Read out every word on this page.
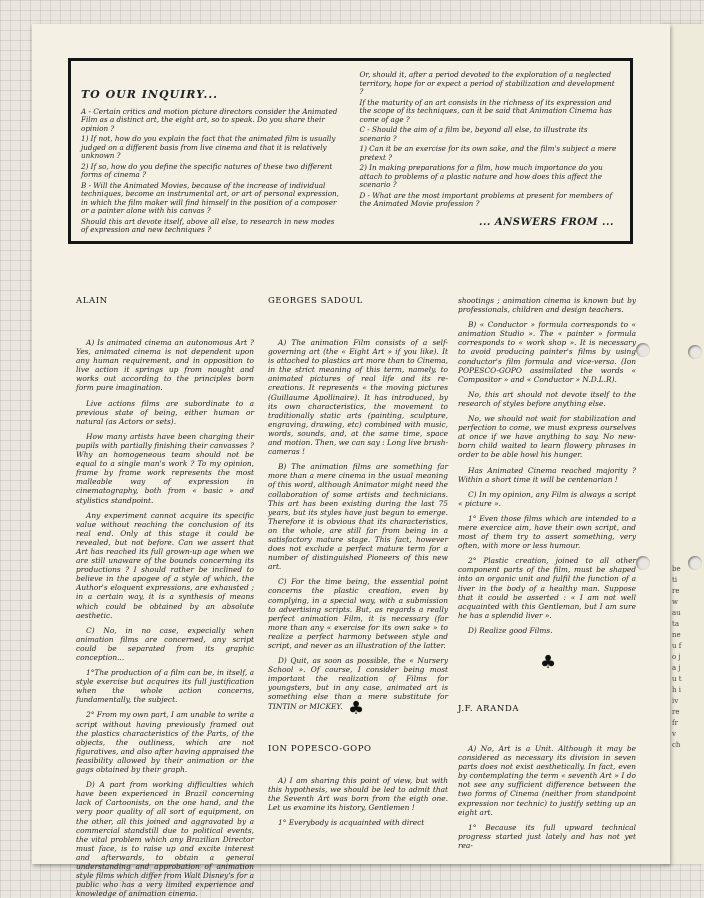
be ti re w au ta ne u fo ja ju th i iv re fr v ch
TO OUR INQUIRY...

A - Certain critics and motion picture directors consider the Animated Film as a distinct art, the eight art, so to speak. Do you share their opinion ?

1) If not, how do you explain the fact that the animated film is usually judged on a different basis from live cinema and that it is relatively unknown ?

2) If so, how do you define the specific natures of these two different forms of cinema ?

B - Will the Animated Movies, because of the increase of individual techniques, become an instrumental art, or art of personal expression, in which the film maker will find himself in the position of a composer or a painter alone with his canvas ?

Should this art devote itself, above all else, to research in new modes of expression and new techniques ?

Or, should it, after a period devoted to the exploration of a neglected territory, hope for or expect a period of stabilization and development ?

If the maturity of an art consists in the richness of its expression and the scope of its techniques, can it be said that Animation Cinema has come of age ?

C - Should the aim of a film be, beyond all else, to illustrate its scenario ?

1) Can it be an exercise for its own sake, and the film's subject a mere pretext ?

2) In making preparations for a film, how much importance do you attach to problems of a plastic nature and how does this affect the scenario ?

D - What are the most important problems at present for members of the Animated Movie profession ?

... ANSWERS FROM ...
ALAIN

A) Is animated cinema an autonomous Art ? Yes, animated cinema is not dependent upon any human requirement, and in opposition to live action it springs up from nought and works out according to the principles born form pure imagination.

Live actions films are subordinate to a previous state of being, either human or natural (as Actors or sets).

How many artists have been charging their pupils with partially finishing their canvasses ? Why an homogeneous team should not be equal to a single man's work ? To my opinion, frame by frame work represents the most malleable way of expression in cinematography, both from « basic » and stylistics standpoint.

Any experiment cannot acquire its specific value without reaching the conclusion of its real end. Only at this stage it could be revealed, but not before. Can we assert that Art has reached its full grown-up age when we are still unaware of the bounds concerning its productions ? I should rather be inclined to believe in the apogee of a style of which, the Author's eloquent expressions, are exhausted ; in a certain way, it is a synthesis of means which could be obtained by an absolute aesthetic.

C) No, in no case, expecially when animation films are concerned, any script could be separated from its graphic conception...

1°The production of a film can be, in itself, a style exercise but acquires its full justification when the whole action concerns, fundamentally, the subject.

2° From my own part, I am unable to write a script without having previously framed out the plastics characteristics of the Parts, of the objects, the outliness, which are not figuratives, and also after having appraised the feasibility allowed by their animation or the gags obtained by their graph.

D) A part from working difficulties which have been experienced in Brazil concerning lack of Cartoonists, on the one hand, and the very poor quality of all sort of equipment, on the other, all this joined and aggravated by a commercial standstill due to political events, the vital problem which any Brazilian Director must face, is to raise up and excite interest and afterwards, to obtain a general understanding and approbation of animation style films which differ from Walt Disney's for a public who has a very limited experience and knowledge of animation cinema.

GEORGES SADOUL

A) The animation Film consists of a self-governing art (the « Eight Art » if you like). It is attached to plastics art more than to Cinema, in the strict meaning of this term, namely, to animated pictures of real life and its re-creations. It represents « the moving pictures (Guillaume Apollinaire). It has introduced, by its own characteristics, the movement to traditionally static arts (painting, sculpture, engraving, drawing, etc) combined with music, words, sounds, and, at the same time, space and motion. Then, we can say : Long live brush-cameras !

B) The animation films are something far more than a mere cinema in the usual meaning of this word, although Animator might need the collaboration of some artists and technicians. This art has been existing during the last 75 years, but its styles have just begun to emerge. Therefore it is obvious that its characteristics, on the whole, are still far from being in a satisfactory mature stage. This fact, however does not exclude a perfect mature term for a number of distinguished Pioneers of this new art.

C) For the time being, the essential point concerns the plastic creation, even by complying, in a special way, with a submission to advertising scripts. But, as regards a really perfect animation Film, it is necessary (far more than any « exercise for its own sake » to realize a perfect harmony between style and script, and never as an illustration of the latter.

D) Quit, as soon as possible, the « Nursery School ». Of course, I consider being most important the realization of Films for youngsters, but in any case, animated art is something else than a mere substitute for TINTIN or MICKEY. ♣
ION POPESCO-GOPO

A) I am sharing this point of view, but with this hypothesis, we should be led to admit that the Seventh Art was born from the eigth one. Let us examine its history, Gentlemen !

1° Everybody is acquainted with direct

shootings ; animation cinema is known but by professionals, children and design teachers.

B) « Conductor » formula corresponds to « animation Studio ». The « painter » formula corresponds to « work shop ». It is necessary to avoid producing painter's films by using conductor's film formula and vice-versa. (Ion POPESCO-GOPO assimilated the words « Compositor » and « Conductor » N.D.L.R).

No, this art should not devote itself to the research of styles before anything else.

No, we should not wait for stabilization and perfection to come, we must express ourselves at once if we have anything to say. No new-born child waited to learn flowery phrases in order to be able howl his hunger.

Has Animated Cinema reached majority ? Within a short time it will be centenarian !

C) In my opinion, any Film is always a script « picture ».

1° Even those films which are intended to a mere exercice aim, have their own script, and most of them try to assert something, very often, with more or less humour.

2° Plastic creation, joined to all other component parts of the film, must be shaped into an organic unit and fulfil the function of a liver in the body of a healthy man. Suppose that it could be asserted : « I am not well acquainted with this Gentleman, but I am sure he has a splendid liver ».

D) Realize good Films.

♣
J.F. ARANDA

A) No, Art is a Unit. Although it may be considered as necessary its division in seven parts does not exist aesthetically. In fact, even by contemplating the term « seventh Art » I do not see any sufficient difference between the two forms of Cinema (neither from standpoint expression nor technic) to justify setting up an eight art.

1° Because its full upward technical progress started just lately and has not yet rea-
